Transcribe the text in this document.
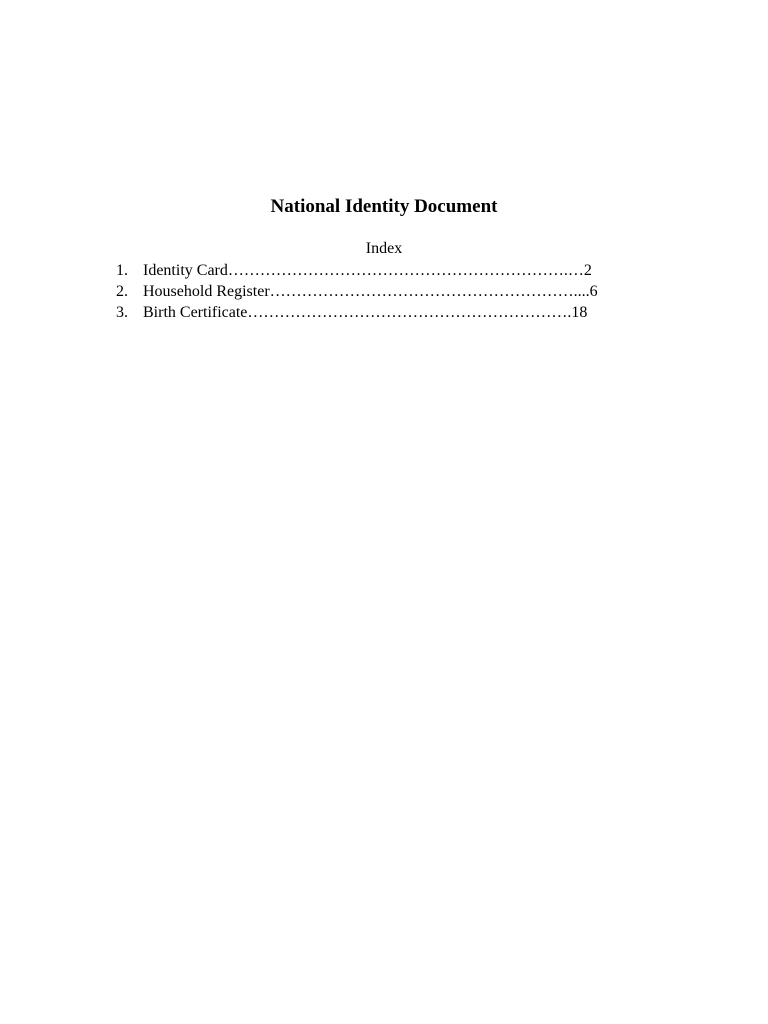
National Identity Document
Index
1. Identity Card……………………………………………………….…2
2. Household Register…………………………………………………....6
3. Birth Certificate…………………………………………………….18
